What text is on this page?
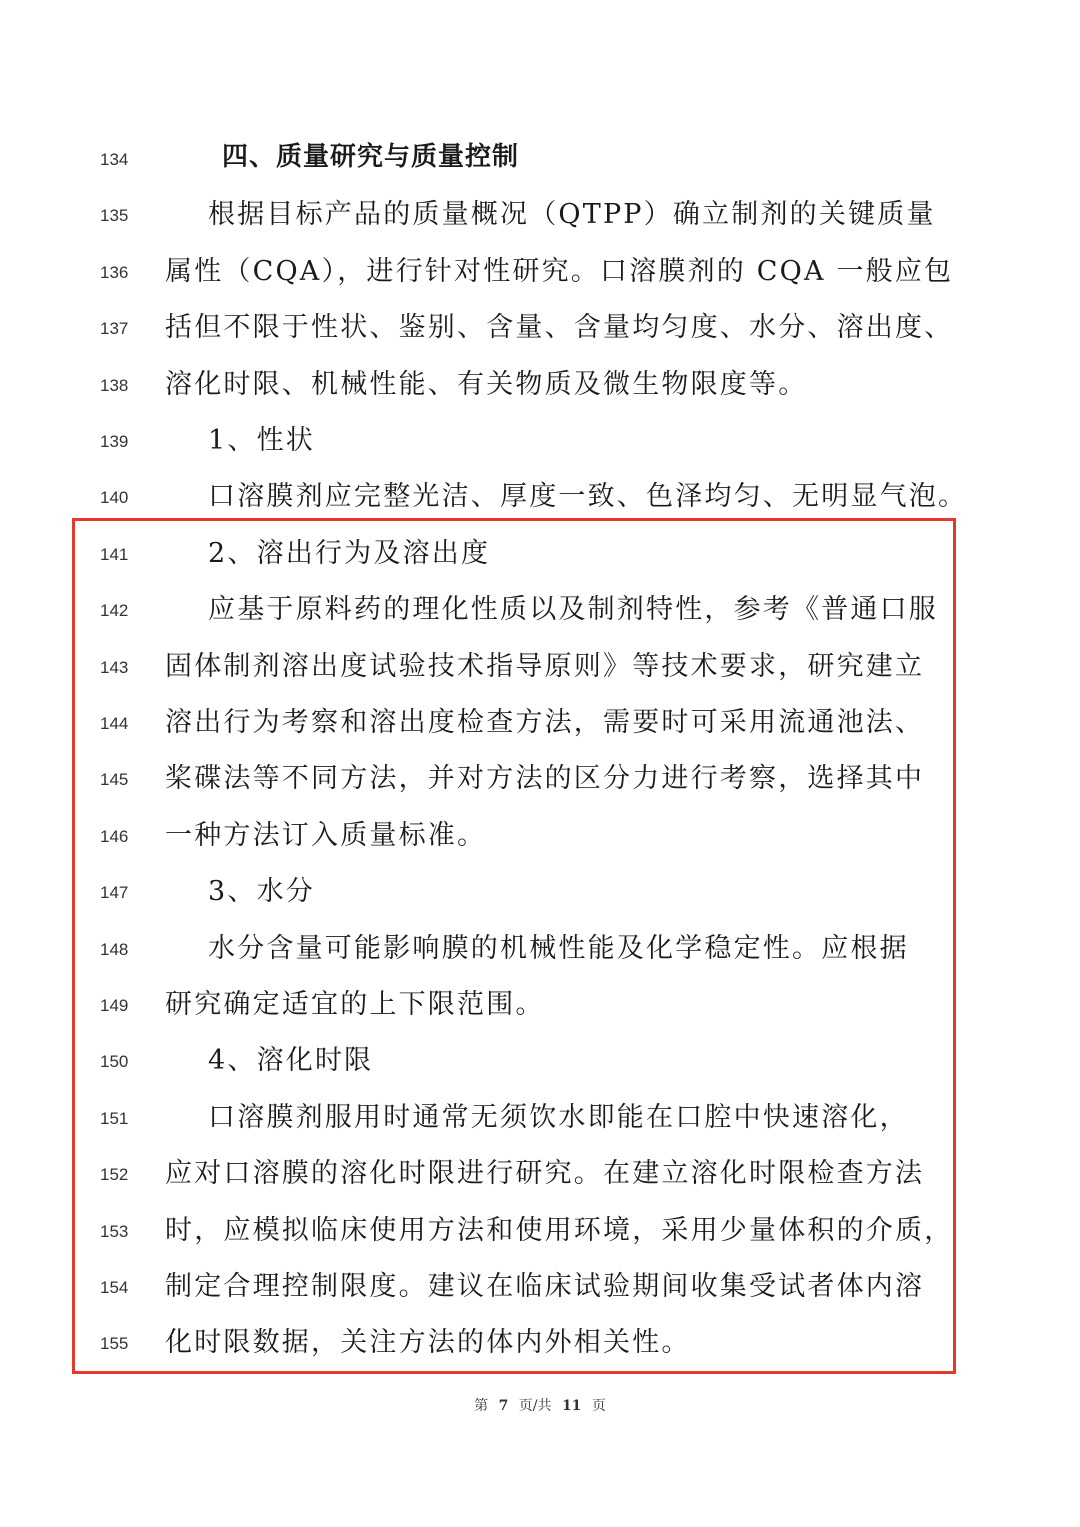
134	四、质量研究与质量控制
135	根据目标产品的质量概况（QTPP）确立制剂的关键质量
136	属性（CQA），进行针对性研究。口溶膜剂的 CQA 一般应包
137	括但不限于性状、鉴别、含量、含量均匀度、水分、溶出度、
138	溶化时限、机械性能、有关物质及微生物限度等。
139	1、性状
140	口溶膜剂应完整光洁、厚度一致、色泽均匀、无明显气泡。
141	2、溶出行为及溶出度
142	应基于原料药的理化性质以及制剂特性，参考《普通口服
143	固体制剂溶出度试验技术指导原则》等技术要求，研究建立
144	溶出行为考察和溶出度检查方法，需要时可采用流通池法、
145	桨碟法等不同方法，并对方法的区分力进行考察，选择其中
146	一种方法订入质量标准。
147	3、水分
148	水分含量可能影响膜的机械性能及化学稳定性。应根据
149	研究确定适宜的上下限范围。
150	4、溶化时限
151	口溶膜剂服用时通常无须饮水即能在口腔中快速溶化，
152	应对口溶膜的溶化时限进行研究。在建立溶化时限检查方法
153	时，应模拟临床使用方法和使用环境，采用少量体积的介质，
154	制定合理控制限度。建议在临床试验期间收集受试者体内溶
155	化时限数据，关注方法的体内外相关性。
第 7 页/共 11 页
